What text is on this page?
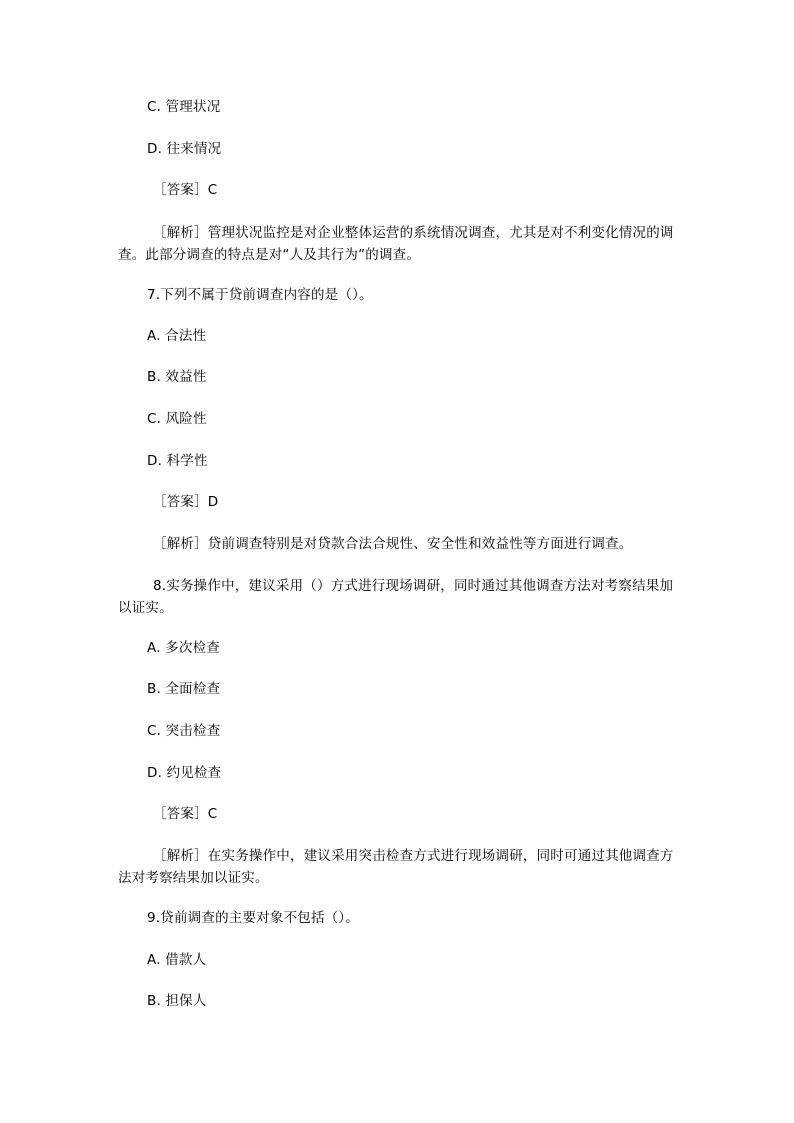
C. 管理状况
D. 往来情况
［答案］C
［解析］管理状况监控是对企业整体运营的系统情况调查，尤其是对不利变化情况的调查。此部分调查的特点是对“人及其行为”的调查。
7.下列不属于贷前调查内容的是（）。
A. 合法性
B. 效益性
C. 风险性
D. 科学性
［答案］D
［解析］贷前调查特别是对贷款合法合规性、安全性和效益性等方面进行调查。
8.实务操作中，建议采用（）方式进行现场调研，同时通过其他调查方法对考察结果加以证实。
A. 多次检查
B. 全面检查
C. 突击检查
D. 约见检查
［答案］C
［解析］在实务操作中，建议采用突击检查方式进行现场调研，同时可通过其他调查方法对考察结果加以证实。
9.贷前调查的主要对象不包括（）。
A. 借款人
B. 担保人
